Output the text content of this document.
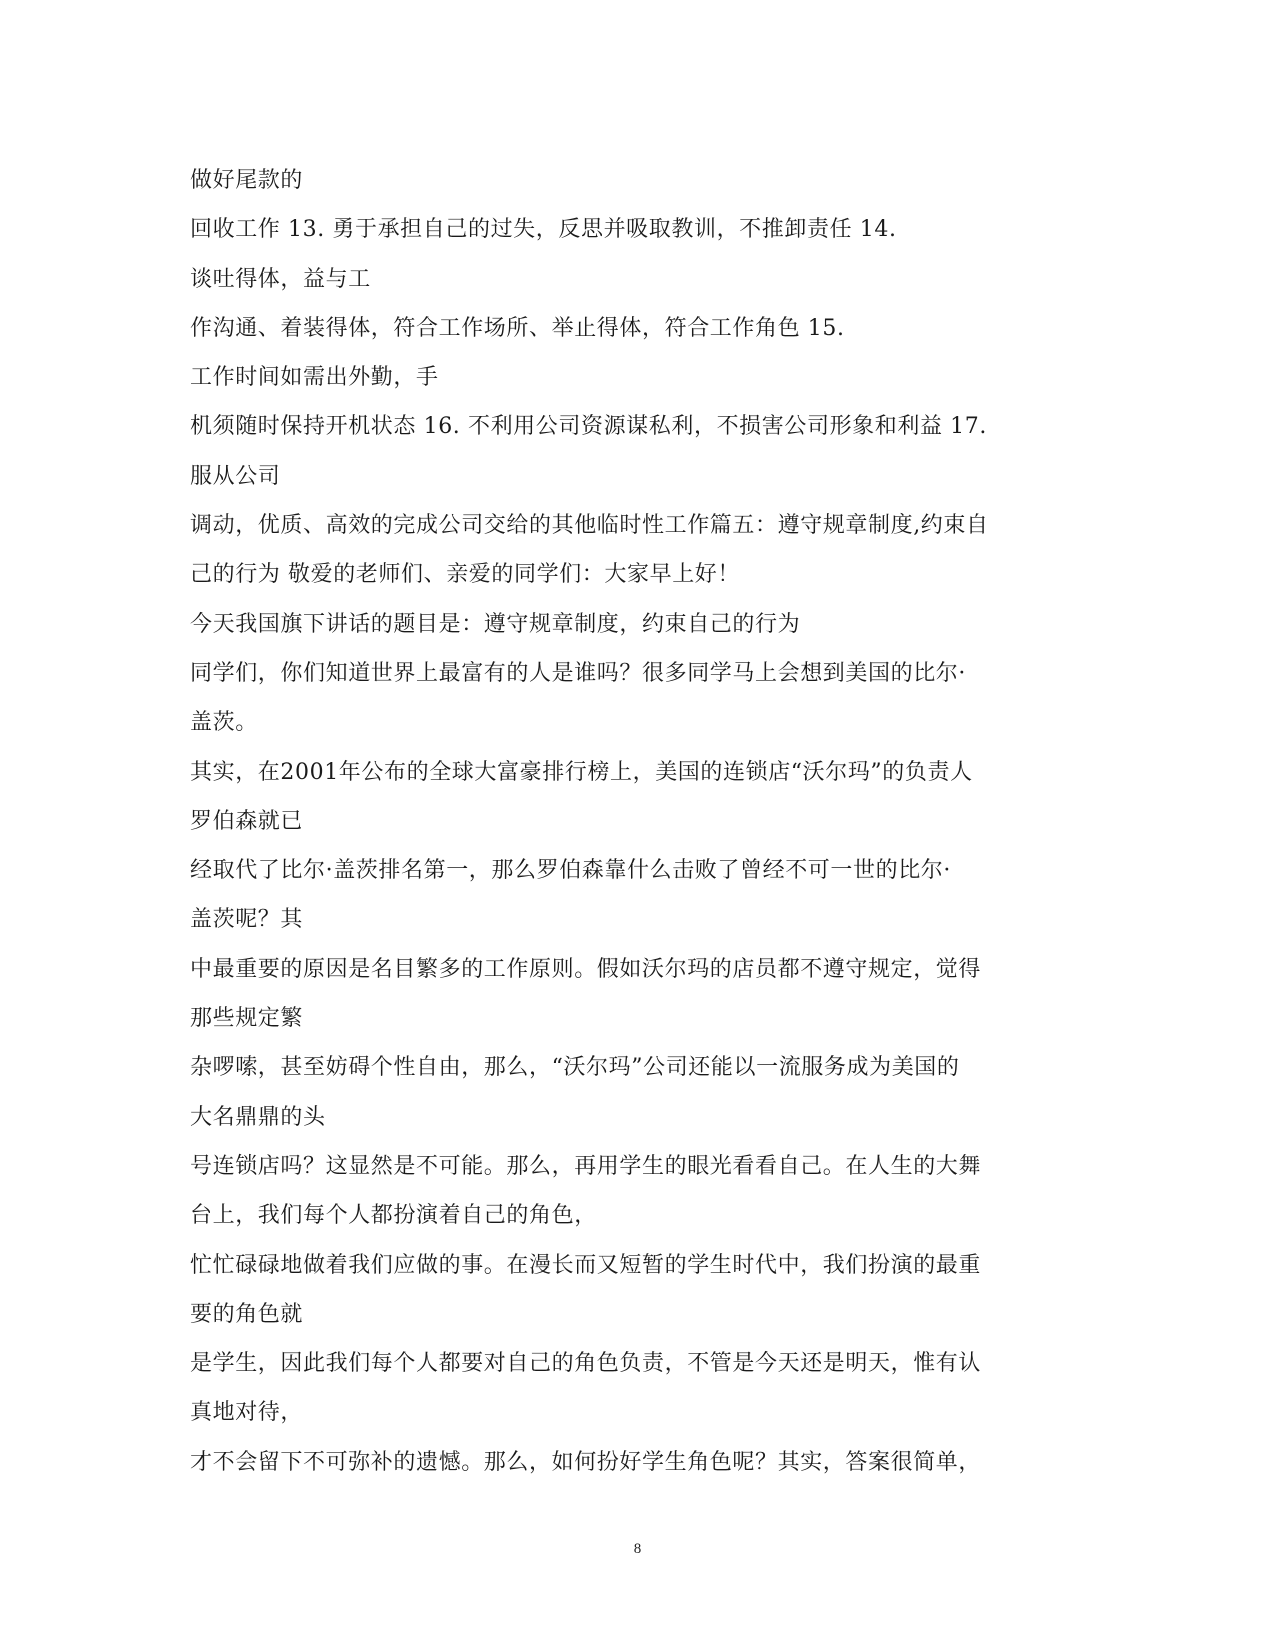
做好尾款的
回收工作 13. 勇于承担自己的过失，反思并吸取教训，不推卸责任 14.
谈吐得体，益与工
作沟通、着装得体，符合工作场所、举止得体，符合工作角色 15.
工作时间如需出外勤，手
机须随时保持开机状态 16. 不利用公司资源谋私利，不损害公司形象和利益 17.
服从公司
调动，优质、高效的完成公司交给的其他临时性工作篇五：遵守规章制度,约束自
己的行为 敬爱的老师们、亲爱的同学们：大家早上好！
今天我国旗下讲话的题目是：遵守规章制度，约束自己的行为
同学们，你们知道世界上最富有的人是谁吗？很多同学马上会想到美国的比尔·
盖茨。
其实，在2001年公布的全球大富豪排行榜上，美国的连锁店“沃尔玛”的负责人
罗伯森就已
经取代了比尔·盖茨排名第一，那么罗伯森靠什么击败了曾经不可一世的比尔·
盖茨呢？其
中最重要的原因是名目繁多的工作原则。假如沃尔玛的店员都不遵守规定，觉得
那些规定繁
杂啰嗦，甚至妨碍个性自由，那么，“沃尔玛”公司还能以一流服务成为美国的
大名鼎鼎的头
号连锁店吗？这显然是不可能。那么，再用学生的眼光看看自己。在人生的大舞
台上，我们每个人都扮演着自己的角色，
忙忙碌碌地做着我们应做的事。在漫长而又短暂的学生时代中，我们扮演的最重
要的角色就
是学生，因此我们每个人都要对自己的角色负责，不管是今天还是明天，惟有认
真地对待，
才不会留下不可弥补的遗憾。那么，如何扮好学生角色呢？其实，答案很简单，
8
